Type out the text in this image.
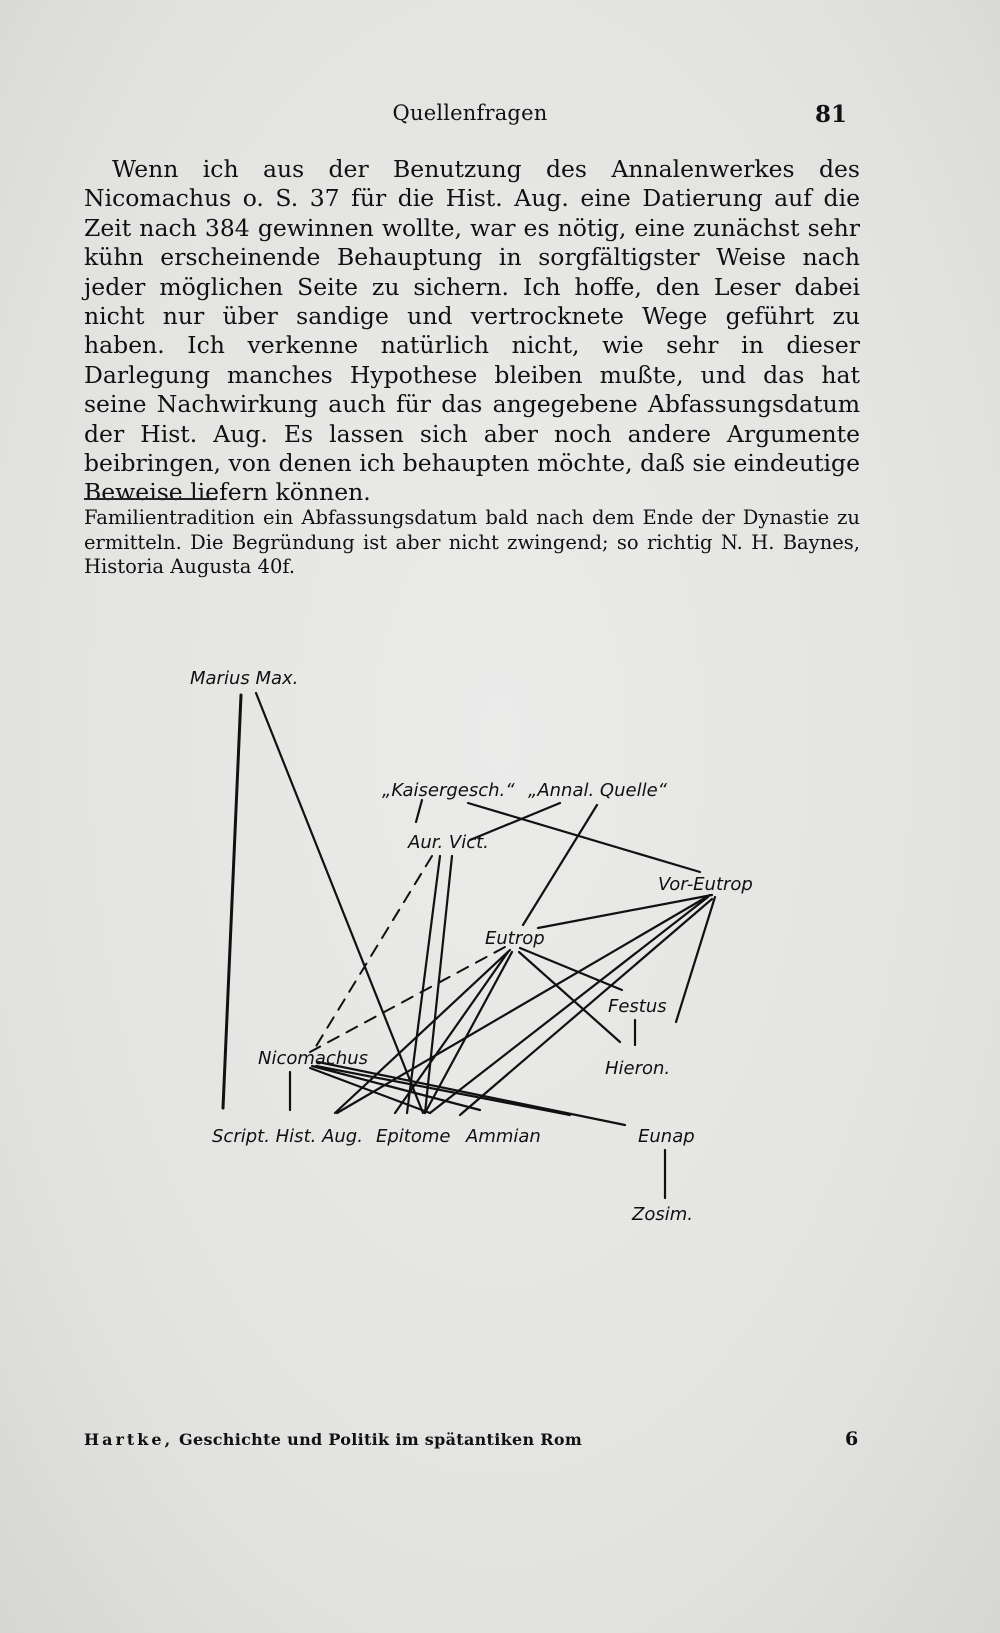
Quellenfragen	81

Wenn ich aus der Benutzung des Annalenwerkes des Nicomachus o. S. 37 für die Hist. Aug. eine Datierung auf die Zeit nach 384 gewinnen wollte, war es nötig, eine zunächst sehr kühn erscheinende Behauptung in sorgfältigster Weise nach jeder möglichen Seite zu sichern. Ich hoffe, den Leser dabei nicht nur über sandige und vertrocknete Wege geführt zu haben. Ich verkenne natürlich nicht, wie sehr in dieser Darlegung manches Hypothese bleiben mußte, und das hat seine Nachwirkung auch für das angegebene Abfassungsdatum der Hist. Aug. Es lassen sich aber noch andere Argumente beibringen, von denen ich behaupten möchte, daß sie eindeutige Beweise liefern können.

Familientradition ein Abfassungsdatum bald nach dem Ende der Dynastie zu ermitteln. Die Begründung ist aber nicht zwingend; so richtig N. H. Baynes, Historia Augusta 40f.

Marius Max.
„Kaisergesch.“ „Annal. Quelle“
Aur. Vict.
Vor-Eutrop
Eutrop
Festus
Nicomachus	Hieron.
Script. Hist. Aug. Epitome Ammian	Eunap
Zosim.
Hartke, Geschichte und Politik im spätantiken Rom	6
